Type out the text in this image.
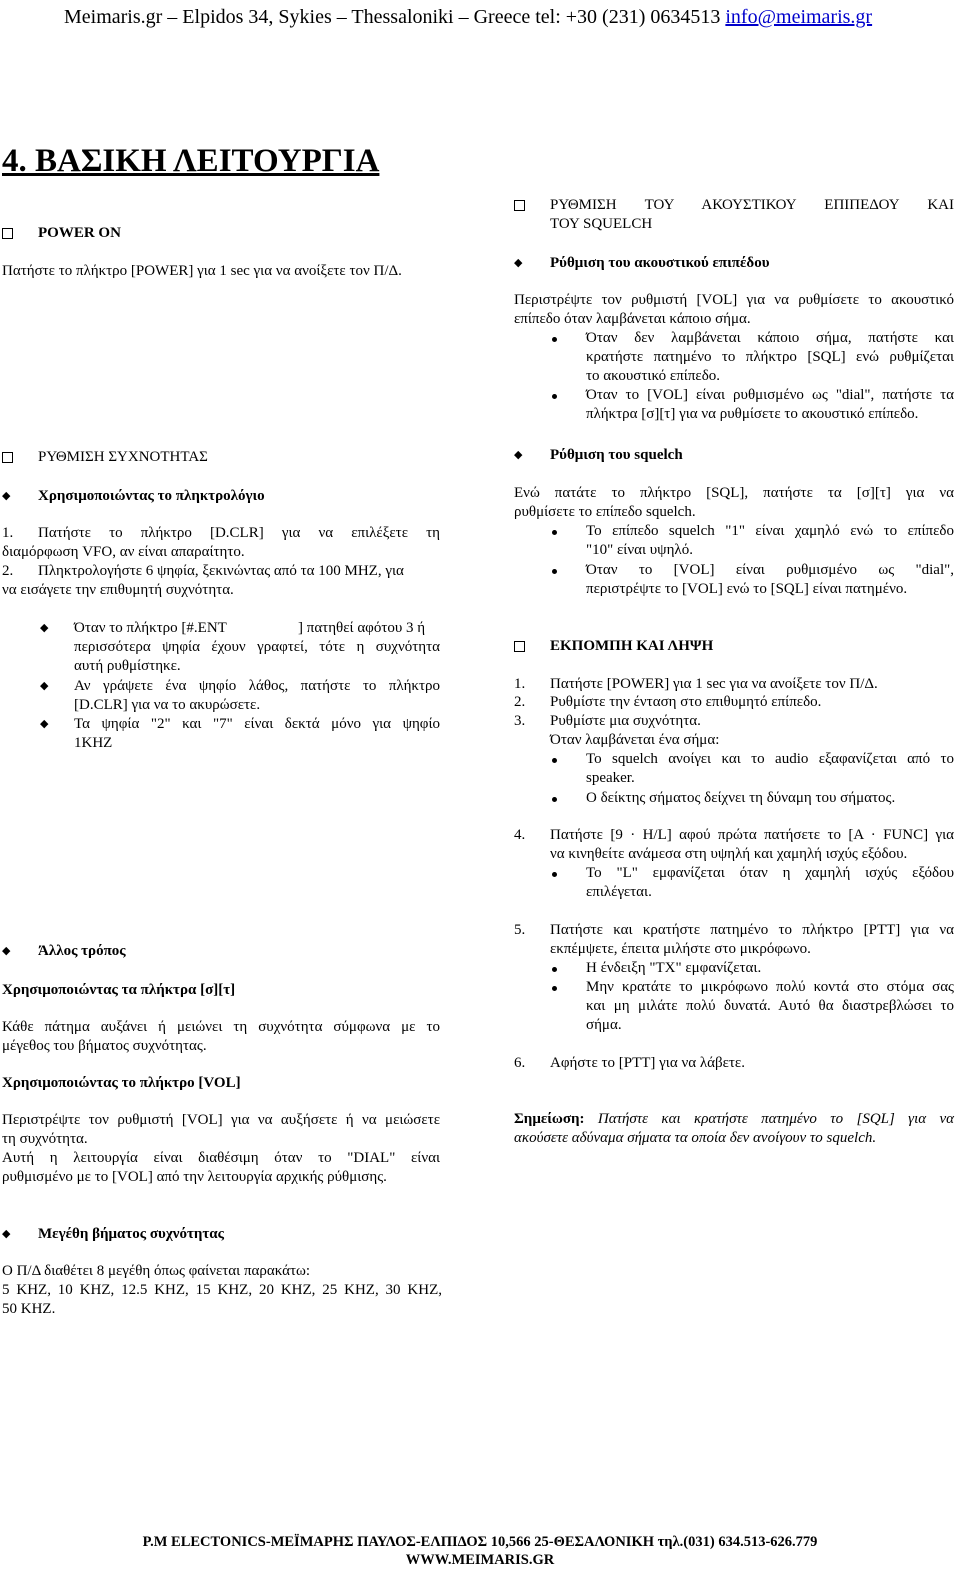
Meimaris.gr – Elpidos 34, Sykies – Thessaloniki – Greece tel: +30 (231) 0634513 info@meimaris.gr
4. ΒΑΣΙΚΗ ΛΕΙΤΟΥΡΓΙΑ
POWER ON
Πατήστε το πλήκτρο [POWER] για 1 sec για να ανοίξετε τον Π/Δ.
ΡΥΘΜΙΣΗ ΣΥΧΝΟΤΗΤΑΣ
◆ Χρησιμοποιώντας το πληκτρολόγιο
1. Πατήστε το πλήκτρο [D.CLR] για να επιλέξετε τη
διαμόρφωση VFO, αν είναι απαραίτητο.
2. Πληκτρολογήστε 6 ψηφία, ξεκινώντας από τα 100 MHZ, για
να εισάγετε την επιθυμητή συχνότητα.
◆ Όταν το πλήκτρο [#.ENT	] πατηθεί αφότου 3 ή
περισσότερα ψηφία έχουν γραφτεί, τότε η συχνότητα
αυτή ρυθμίστηκε.
◆ Αν γράψετε ένα ψηφίο λάθος, πατήστε το πλήκτρο
[D.CLR] για να το ακυρώσετε.
◆ Τα ψηφία "2" και "7" είναι δεκτά μόνο για ψηφίο
1KHZ
◆ Άλλος τρόπος
Χρησιμοποιώντας τα πλήκτρα [σ][τ]
Κάθε πάτημα αυξάνει ή μειώνει τη συχνότητα σύμφωνα με το
μέγεθος του βήματος συχνότητας.
Χρησιμοποιώντας το πλήκτρο [VOL]
Περιστρέψτε τον ρυθμιστή [VOL] για να αυξήσετε ή να μειώσετε
τη συχνότητα.
Αυτή η λειτουργία είναι διαθέσιμη όταν το "DIAL" είναι
ρυθμισμένο με το [VOL] από την λειτουργία αρχικής ρύθμισης.
◆ Μεγέθη βήματος συχνότητας
Ο Π/Δ διαθέτει 8 μεγέθη όπως φαίνεται παρακάτω:
5 KHZ, 10 KHZ, 12.5 KHZ, 15 KHZ, 20 KHZ, 25 KHZ, 30 KHZ,
50 KHZ.
ΡΥΘΜΙΣΗ ΤΟΥ ΑΚΟΥΣΤΙΚΟΥ ΕΠΙΠΕΔΟΥ ΚΑΙ
ΤΟΥ SQUELCH
◆ Ρύθμιση του ακουστικού επιπέδου
Περιστρέψτε τον ρυθμιστή [VOL] για να ρυθμίσετε το ακουστικό
επίπεδο όταν λαμβάνεται κάποιο σήμα.
Όταν δεν λαμβάνεται κάποιο σήμα, πατήστε και
κρατήστε πατημένο το πλήκτρο [SQL] ενώ ρυθμίζεται
το ακουστικό επίπεδο.
Όταν το [VOL] είναι ρυθμισμένο ως "dial", πατήστε τα
πλήκτρα [σ][τ] για να ρυθμίσετε το ακουστικό επίπεδο.
◆ Ρύθμιση του squelch
Ενώ πατάτε το πλήκτρο [SQL], πατήστε τα [σ][τ] για να
ρυθμίσετε το επίπεδο squelch.
Το επίπεδο squelch "1" είναι χαμηλό ενώ το επίπεδο
"10" είναι υψηλό.
Όταν το [VOL] είναι ρυθμισμένο ως "dial",
περιστρέψτε το [VOL] ενώ το [SQL] είναι πατημένο.
ΕΚΠΟΜΠΗ ΚΑΙ ΛΗΨΗ
1. Πατήστε [POWER] για 1 sec για να ανοίξετε τον Π/Δ.
2. Ρυθμίστε την ένταση στο επιθυμητό επίπεδο.
3. Ρυθμίστε μια συχνότητα.
Όταν λαμβάνεται ένα σήμα:
Το squelch ανοίγει και το audio εξαφανίζεται από το
speaker.
Ο δείκτης σήματος δείχνει τη δύναμη του σήματος.
4. Πατήστε [9 · H/L] αφού πρώτα πατήσετε το [A · FUNC] για
να κινηθείτε ανάμεσα στη υψηλή και χαμηλή ισχύς εξόδου.
Το "L" εμφανίζεται όταν η χαμηλή ισχύς εξόδου
επιλέγεται.
5. Πατήστε και κρατήστε πατημένο το πλήκτρο [PTT] για να
εκπέμψετε, έπειτα μιλήστε στο μικρόφωνο.
Η ένδειξη "TX" εμφανίζεται.
Μην κρατάτε το μικρόφωνο πολύ κοντά στο στόμα σας
και μη μιλάτε πολύ δυνατά. Αυτό θα διαστρεβλώσει το
σήμα.
6. Αφήστε το [PTT] για να λάβετε.
Σημείωση: Πατήστε και κρατήστε πατημένο το [SQL] για να
ακούσετε αδύναμα σήματα τα οποία δεν ανοίγουν το squelch.
P.M ELECTONICS-ΜΕΪΜΑΡΗΣ ΠΑΥΛΟΣ-ΕΛΠΙΔΟΣ 10,566 25-ΘΕΣΑΛΟΝΙΚΗ τηλ.(031) 634.513-626.779
WWW.MEIMARIS.GR
